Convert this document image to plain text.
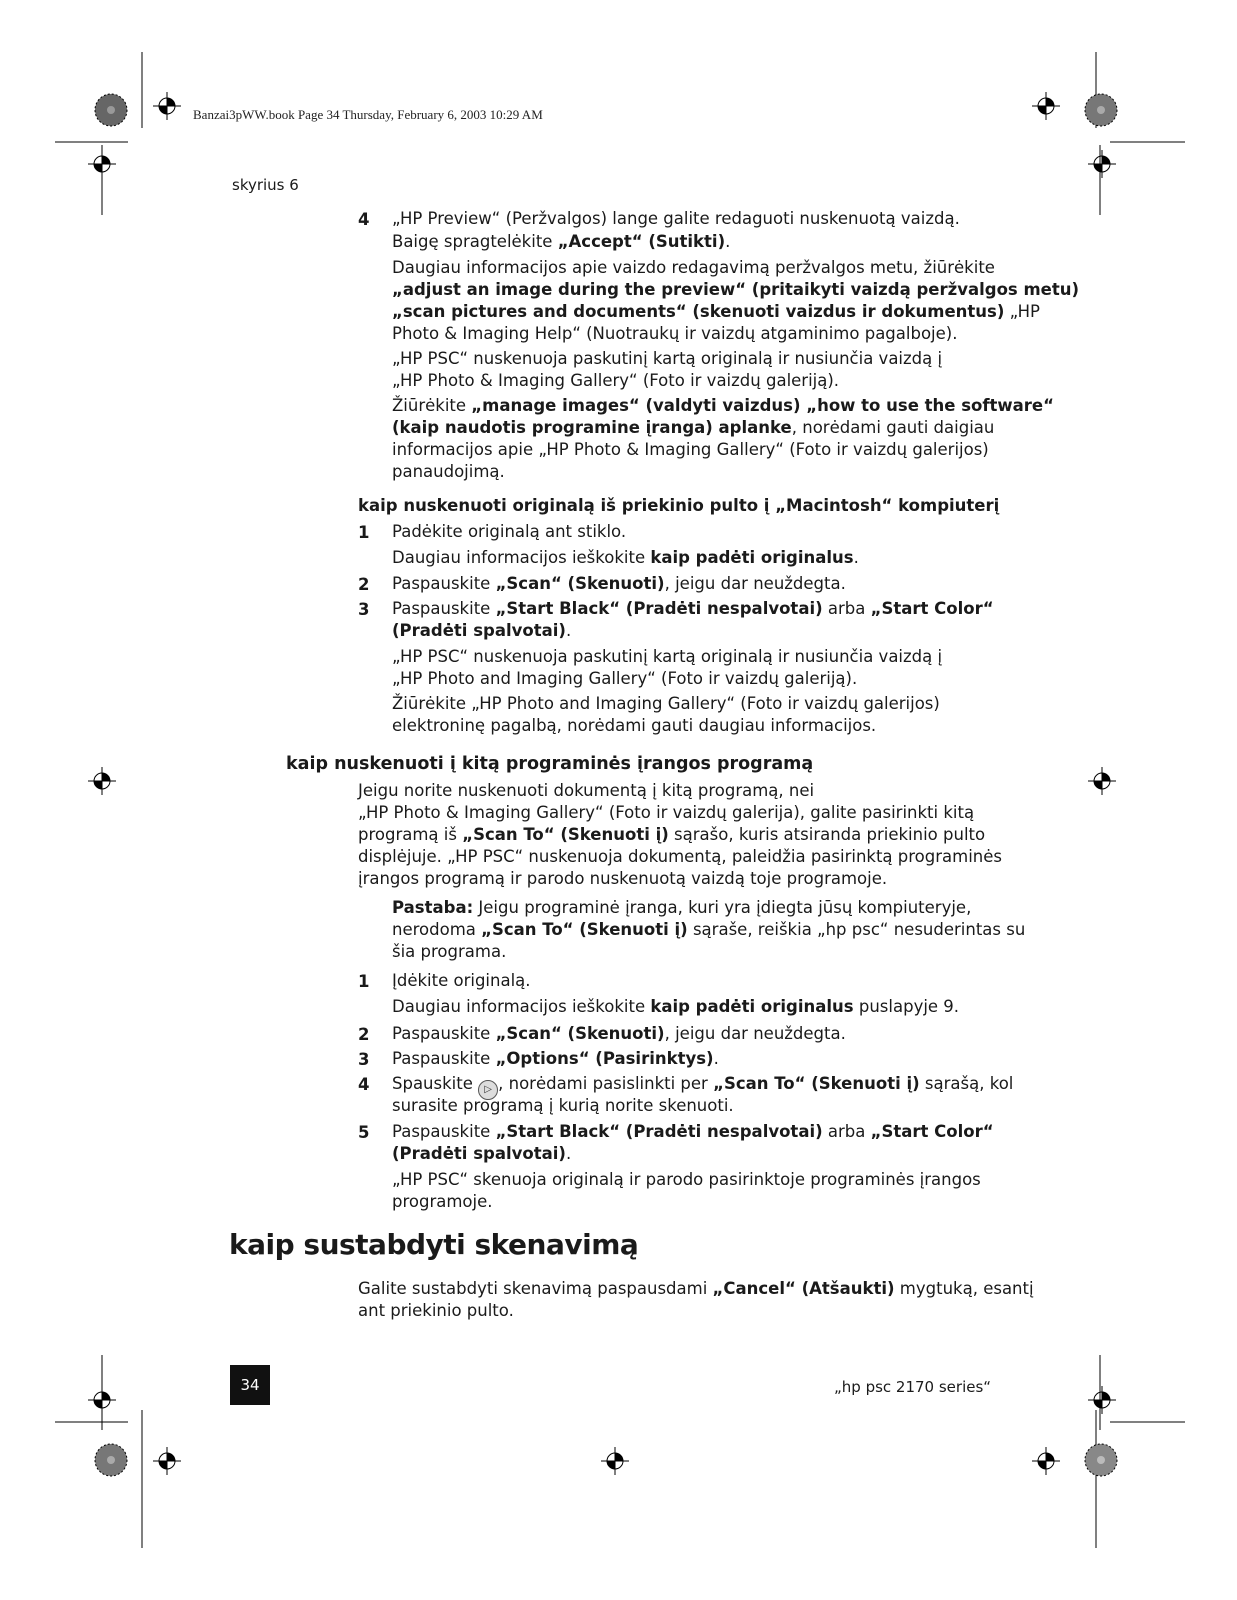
Banzai3pWW.book Page 34 Thursday, February 6, 2003 10:29 AM
skyrius 6
4 „HP Preview“ (Peržvalgos) lange galite redaguoti nuskenuotą vaizdą.
Baigę spragtelėkite „Accept“ (Sutikti).
Daugiau informacijos apie vaizdo redagavimą peržvalgos metu, žiūrėkite
„adjust an image during the preview“ (pritaikyti vaizdą peržvalgos metu)
„scan pictures and documents“ (skenuoti vaizdus ir dokumentus) „HP
Photo & Imaging Help“ (Nuotraukų ir vaizdų atgaminimo pagalboje).
„HP PSC“ nuskenuoja paskutinį kartą originalą ir nusiunčia vaizdą į
„HP Photo & Imaging Gallery“ (Foto ir vaizdų galeriją).
Žiūrėkite „manage images“ (valdyti vaizdus) „how to use the software“
(kaip naudotis programine įranga) aplanke, norėdami gauti daigiau
informacijos apie „HP Photo & Imaging Gallery“ (Foto ir vaizdų galerijos)
panaudojimą.
kaip nuskenuoti originalą iš priekinio pulto į „Macintosh“ kompiuterį
1 Padėkite originalą ant stiklo.
Daugiau informacijos ieškokite kaip padėti originalus.
2 Paspauskite „Scan“ (Skenuoti), jeigu dar neuždegta.
3 Paspauskite „Start Black“ (Pradėti nespalvotai) arba „Start Color“
(Pradėti spalvotai).
„HP PSC“ nuskenuoja paskutinį kartą originalą ir nusiunčia vaizdą į
„HP Photo and Imaging Gallery“ (Foto ir vaizdų galeriją).
Žiūrėkite „HP Photo and Imaging Gallery“ (Foto ir vaizdų galerijos)
elektroninę pagalbą, norėdami gauti daugiau informacijos.
kaip nuskenuoti į kitą programinės įrangos programą
Jeigu norite nuskenuoti dokumentą į kitą programą, nei
„HP Photo & Imaging Gallery“ (Foto ir vaizdų galerija), galite pasirinkti kitą
programą iš „Scan To“ (Skenuoti į) sąrašo, kuris atsiranda priekinio pulto
displėjuje. „HP PSC“ nuskenuoja dokumentą, paleidžia pasirinktą programinės
įrangos programą ir parodo nuskenuotą vaizdą toje programoje.
Pastaba: Jeigu programinė įranga, kuri yra įdiegta jūsų kompiuteryje,
nerodoma „Scan To“ (Skenuoti į) sąraše, reiškia „hp psc“ nesuderintas su
šia programa.
1 Įdėkite originalą.
Daugiau informacijos ieškokite kaip padėti originalus puslapyje 9.
2 Paspauskite „Scan“ (Skenuoti), jeigu dar neuždegta.
3 Paspauskite „Options“ (Pasirinktys).
4 Spauskite ▷ , norėdami pasislinkti per „Scan To“ (Skenuoti į) sąrašą, kol
surasite programą į kurią norite skenuoti.
5 Paspauskite „Start Black“ (Pradėti nespalvotai) arba „Start Color“
(Pradėti spalvotai).
„HP PSC“ skenuoja originalą ir parodo pasirinktoje programinės įrangos
programoje.
kaip sustabdyti skenavimą
Galite sustabdyti skenavimą paspausdami „Cancel“ (Atšaukti) mygtuką, esantį
ant priekinio pulto.
34	„hp psc 2170 series“
